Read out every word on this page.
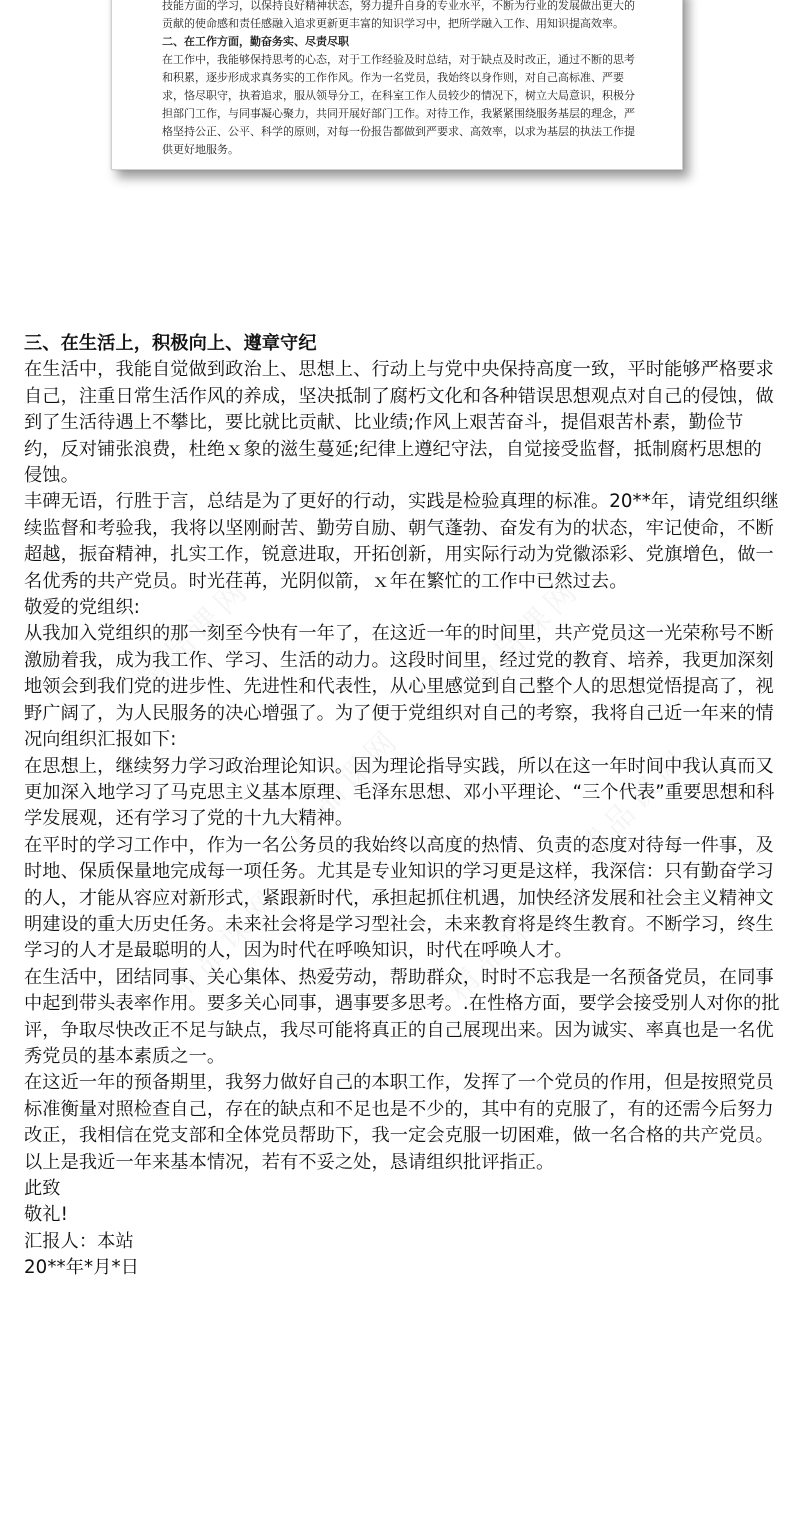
技能方面的学习，以保持良好精神状态，努力提升自身的专业水平，不断为行业的发展做出更大的贡献的使命感和责任感融入追求更新更丰富的知识学习中，把所学融入工作、用知识提高效率。

二、在工作方面，勤奋务实、尽责尽职

在工作中，我能够保持思考的心态，对于工作经验及时总结，对于缺点及时改正，通过不断的思考和积累，逐步形成求真务实的工作作风。作为一名党员，我始终以身作则，对自己高标准、严要求，恪尽职守，执着追求，服从领导分工，在科室工作人员较少的情况下，树立大局意识，积极分担部门工作，与同事凝心聚力，共同开展好部门工作。对待工作，我紧紧围绕服务基层的理念，严格坚持公正、公平、科学的原则，对每一份报告都做到严要求、高效率，以求为基层的执法工作提供更好地服务。

精品课网	精品课网
精品课网	精品课网
精品课网	精品课网

三、在生活上，积极向上、遵章守纪

在生活中，我能自觉做到政治上、思想上、行动上与党中央保持高度一致，平时能够严格要求自己，注重日常生活作风的养成，坚决抵制了腐朽文化和各种错误思想观点对自己的侵蚀，做到了生活待遇上不攀比，要比就比贡献、比业绩;作风上艰苦奋斗，提倡艰苦朴素，勤俭节约，反对铺张浪费，杜绝ｘ象的滋生蔓延;纪律上遵纪守法，自觉接受监督，抵制腐朽思想的侵蚀。

丰碑无语，行胜于言，总结是为了更好的行动，实践是检验真理的标准。20**年，请党组织继续监督和考验我，我将以坚刚耐苦、勤劳自励、朝气蓬勃、奋发有为的状态，牢记使命，不断超越，振奋精神，扎实工作，锐意进取，开拓创新，用实际行动为党徽添彩、党旗增色，做一名优秀的共产党员。时光荏苒，光阴似箭，ｘ年在繁忙的工作中已然过去。

敬爱的党组织:

从我加入党组织的那一刻至今快有一年了，在这近一年的时间里，共产党员这一光荣称号不断激励着我，成为我工作、学习、生活的动力。这段时间里，经过党的教育、培养，我更加深刻地领会到我们党的进步性、先进性和代表性，从心里感觉到自己整个人的思想觉悟提高了，视野广阔了，为人民服务的决心增强了。为了便于党组织对自己的考察，我将自己近一年来的情况向组织汇报如下:

在思想上，继续努力学习政治理论知识。因为理论指导实践，所以在这一年时间中我认真而又更加深入地学习了马克思主义基本原理、毛泽东思想、邓小平理论、“三个代表”重要思想和科学发展观，还有学习了党的十九大精神。

在平时的学习工作中，作为一名公务员的我始终以高度的热情、负责的态度对待每一件事，及时地、保质保量地完成每一项任务。尤其是专业知识的学习更是这样，我深信：只有勤奋学习的人，才能从容应对新形式，紧跟新时代，承担起抓住机遇，加快经济发展和社会主义精神文明建设的重大历史任务。未来社会将是学习型社会，未来教育将是终生教育。不断学习，终生学习的人才是最聪明的人，因为时代在呼唤知识，时代在呼唤人才。

在生活中，团结同事、关心集体、热爱劳动，帮助群众，时时不忘我是一名预备党员，在同事中起到带头表率作用。要多关心同事，遇事要多思考。.在性格方面，要学会接受别人对你的批评，争取尽快改正不足与缺点，我尽可能将真正的自己展现出来。因为诚实、率真也是一名优秀党员的基本素质之一。

在这近一年的预备期里，我努力做好自己的本职工作，发挥了一个党员的作用，但是按照党员标准衡量对照检查自己，存在的缺点和不足也是不少的，其中有的克服了，有的还需今后努力改正，我相信在党支部和全体党员帮助下，我一定会克服一切困难，做一名合格的共产党员。

以上是我近一年来基本情况，若有不妥之处，恳请组织批评指正。

此致

敬礼!

汇报人：本站

20**年*月*日
